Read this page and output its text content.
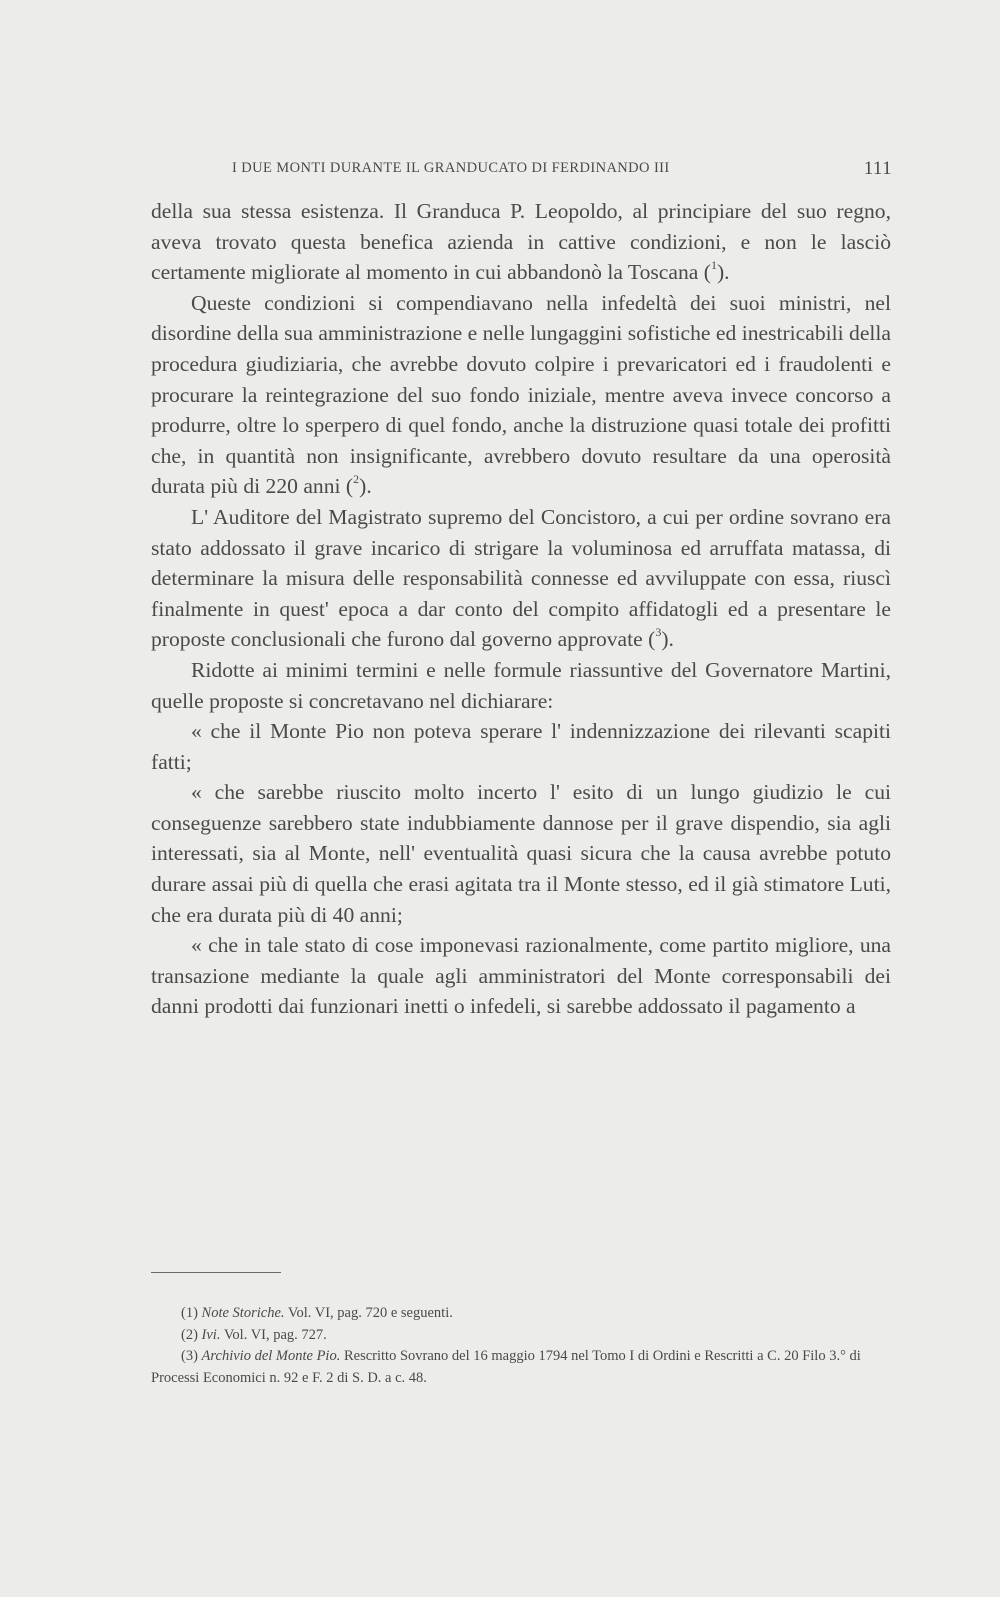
I DUE MONTI DURANTE IL GRANDUCATO DI FERDINANDO III	111

della sua stessa esistenza. Il Granduca P. Leopoldo, al principiare del suo regno, aveva trovato questa benefica azienda in cattive condizioni, e non le lasciò certamente migliorate al momento in cui abbandonò la Toscana ($^1$).

Queste condizioni si compendiavano nella infedeltà dei suoi ministri, nel disordine della sua amministrazione e nelle lungaggini sofistiche ed inestricabili della procedura giudiziaria, che avrebbe dovuto colpire i prevaricatori ed i fraudolenti e procurare la reintegrazione del suo fondo iniziale, mentre aveva invece concorso a produrre, oltre lo sperpero di quel fondo, anche la distruzione quasi totale dei profitti che, in quantità non insignificante, avrebbero dovuto resultare da una operosità durata più di 220 anni ($^2$).

L' Auditore del Magistrato supremo del Concistoro, a cui per ordine sovrano era stato addossato il grave incarico di strigare la voluminosa ed arruffata matassa, di determinare la misura delle responsabilità connesse ed avviluppate con essa, riuscì finalmente in quest' epoca a dar conto del compito affidatogli ed a presentare le proposte conclusionali che furono dal governo approvate ($^3$).

Ridotte ai minimi termini e nelle formule riassuntive del Governatore Martini, quelle proposte si concretavano nel dichiarare:

« che il Monte Pio non poteva sperare l' indennizzazione dei rilevanti scapiti fatti;

« che sarebbe riuscito molto incerto l' esito di un lungo giudizio le cui conseguenze sarebbero state indubbiamente dannose per il grave dispendio, sia agli interessati, sia al Monte, nell' eventualità quasi sicura che la causa avrebbe potuto durare assai più di quella che erasi agitata tra il Monte stesso, ed il già stimatore Luti, che era durata più di 40 anni;

« che in tale stato di cose imponevasi razionalmente, come partito migliore, una transazione mediante la quale agli amministratori del Monte corresponsabili dei danni prodotti dai funzionari inetti o infedeli, si sarebbe addossato il pagamento a

(1) Note Storiche. Vol. VI, pag. 720 e seguenti.

(2) Ivi. Vol. VI, pag. 727.

(3) Archivio del Monte Pio. Rescritto Sovrano del 16 maggio 1794 nel Tomo I di Ordini e Rescritti a C. 20 Filo 3.° di Processi Economici n. 92 e F. 2 di S. D. a c. 48.
